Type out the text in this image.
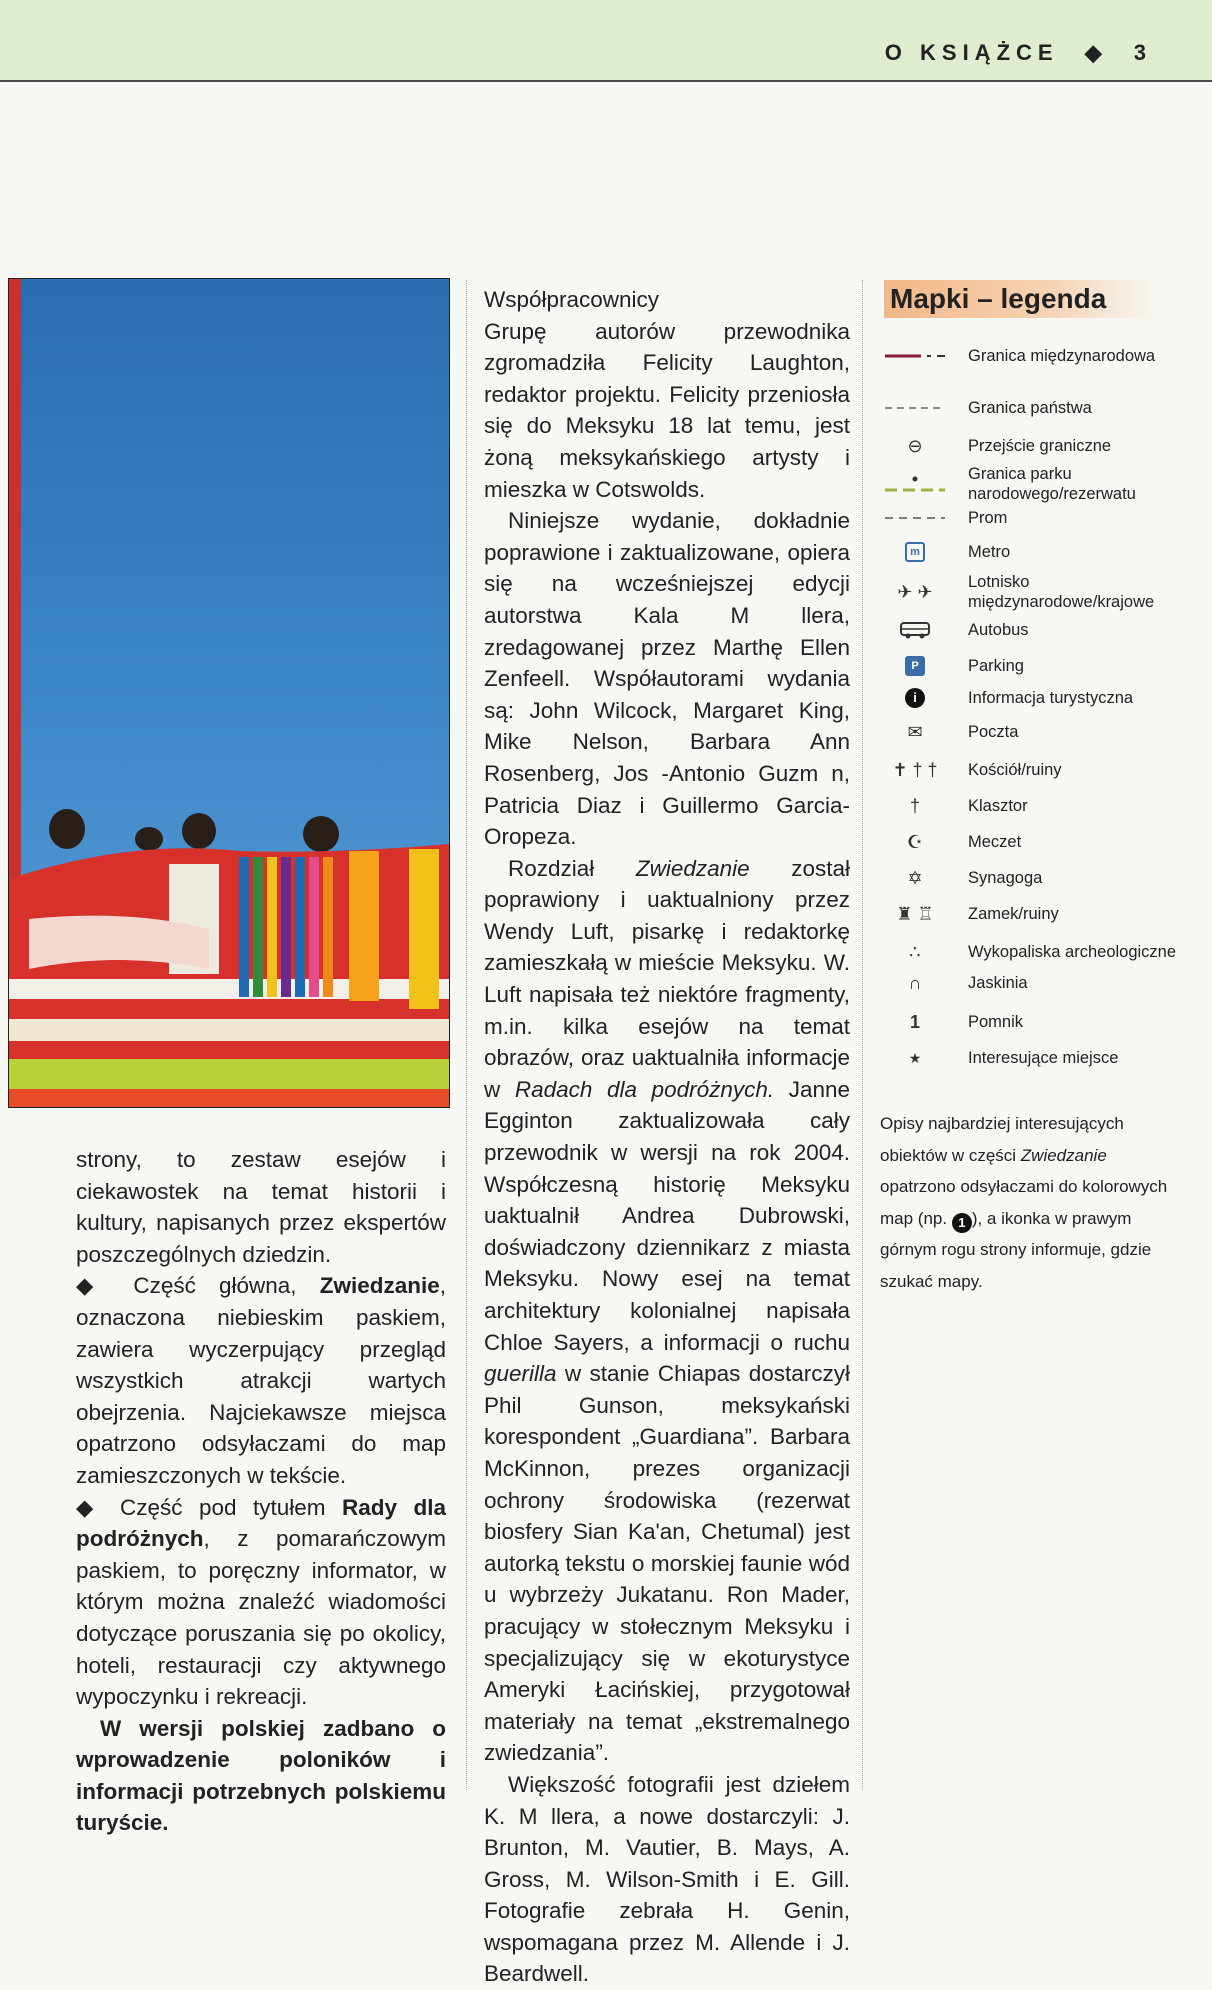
O KSIĄŻCE ◆ 3

strony, to zestaw esejów i ciekawostek na temat historii i kultury, napisanych przez ekspertów poszczególnych dziedzin.

◆ Część główna, Zwiedzanie, oznaczona niebieskim paskiem, zawiera wyczerpujący przegląd wszystkich atrakcji wartych obejrzenia. Najciekawsze miejsca opatrzono odsyłaczami do map zamieszczonych w tekście.

◆ Część pod tytułem Rady dla podróżnych, z pomarańczowym paskiem, to poręczny informator, w którym można znaleźć wiadomości dotyczące poruszania się po okolicy, hoteli, restauracji czy aktywnego wypoczynku i rekreacji.

W wersji polskiej zadbano o wprowadzenie poloników i informacji potrzebnych polskiemu turyście.

Współpracownicy

Grupę autorów przewodnika zgromadziła Felicity Laughton, redaktor projektu. Felicity przeniosła się do Meksyku 18 lat temu, jest żoną meksykańskiego artysty i mieszka w Cotswolds.

Niniejsze wydanie, dokładnie poprawione i zaktualizowane, opiera się na wcześniejszej edycji autorstwa Kala M llera, zredagowanej przez Marthę Ellen Zenfeell. Współautorami wydania są: John Wilcock, Margaret King, Mike Nelson, Barbara Ann Rosenberg, Jos -Antonio Guzm n, Patricia Diaz i Guillermo Garcia-Oropeza.

Rozdział Zwiedzanie został poprawiony i uaktualniony przez Wendy Luft, pisarkę i redaktorkę zamieszkałą w mieście Meksyku. W. Luft napisała też niektóre fragmenty, m.in. kilka esejów na temat obrazów, oraz uaktualniła informacje w Radach dla podróżnych. Janne Egginton zaktualizowała cały przewodnik w wersji na rok 2004. Współczesną historię Meksyku uaktualnił Andrea Dubrowski, doświadczony dziennikarz z miasta Meksyku. Nowy esej na temat architektury kolonialnej napisała Chloe Sayers, a informacji o ruchu guerilla w stanie Chiapas dostarczył Phil Gunson, meksykański korespondent „Guardiana”. Barbara McKinnon, prezes organizacji ochrony środowiska (rezerwat biosfery Sian Ka'an, Chetumal) jest autorką tekstu o morskiej faunie wód u wybrzeży Jukatanu. Ron Mader, pracujący w stołecznym Meksyku i specjalizujący się w ekoturystyce Ameryki Łacińskiej, przygotował materiały na temat „ekstremalnego zwiedzania”.

Większość fotografii jest dziełem K. M llera, a nowe dostarczyli: J. Brunton, M. Vautier, B. Mays, A. Gross, M. Wilson-Smith i E. Gill. Fotografie zebrała H. Genin, wspomagana przez M. Allende i J. Beardwell.

Mapki – legenda
Granica międzynarodowa
Granica państwa
⊖	Przejście graniczne
Granica parku narodowego/rezerwatu
Prom
m	Metro
✈ ✈	Lotnisko międzynarodowe/krajowe
Autobus
P	Parking
i	Informacja turystyczna
✉	Poczta
✝ † †	Kościół/ruiny
†	Klasztor
☪	Meczet
✡	Synagoga
♜ ♖	Zamek/ruiny
∴	Wykopaliska archeologiczne
∩	Jaskinia
1	Pomnik
★	Interesujące miejsce
Opisy najbardziej interesujących obiektów w części Zwiedzanie opatrzono odsyłaczami do kolorowych map (np. 1 ), a ikonka w prawym górnym rogu strony informuje, gdzie szukać mapy.
